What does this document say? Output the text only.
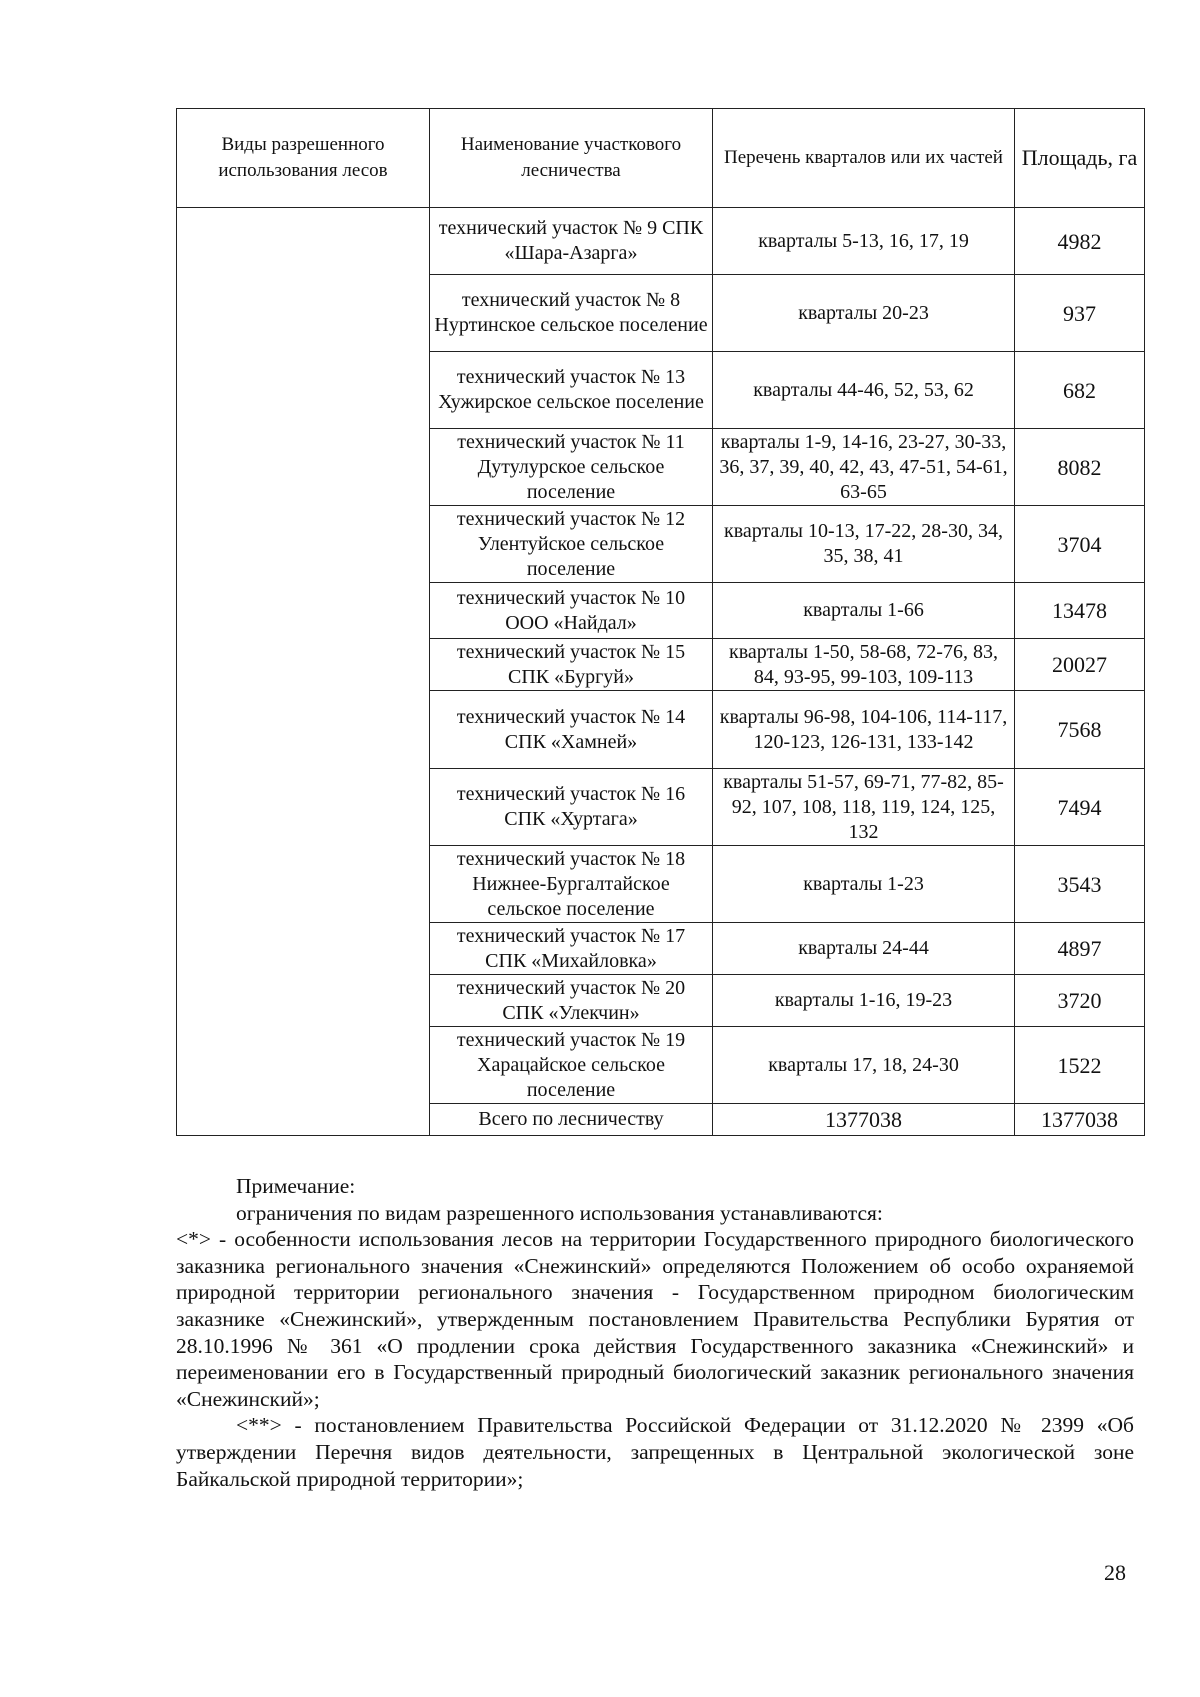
Виды разрешенного использования лесов	Наименование участкового лесничества	Перечень кварталов или их частей	Площадь, га
	технический участок № 9 СПК «Шара-Азарга»	кварталы 5-13, 16, 17, 19	4982
	технический участок № 8 Нуртинское сельское поселение	кварталы 20-23	937
	технический участок № 13 Хужирское сельское поселение	кварталы 44-46, 52, 53, 62	682
	технический участок № 11 Дутулурское сельское поселение	кварталы 1-9, 14-16, 23-27, 30-33, 36, 37, 39, 40, 42, 43, 47-51, 54-61, 63-65	8082
	технический участок № 12 Улентуйское сельское поселение	кварталы 10-13, 17-22, 28-30, 34, 35, 38, 41	3704
	технический участок № 10 ООО «Найдал»	кварталы 1-66	13478
	технический участок № 15 СПК «Бургуй»	кварталы 1-50, 58-68, 72-76, 83, 84, 93-95, 99-103, 109-113	20027
	технический участок № 14 СПК «Хамней»	кварталы 96-98, 104-106, 114-117, 120-123, 126-131, 133-142	7568
	технический участок № 16 СПК «Хуртага»	кварталы 51-57, 69-71, 77-82, 85-92, 107, 108, 118, 119, 124, 125, 132	7494
	технический участок № 18 Нижнее-Бургалтайское сельское поселение	кварталы 1-23	3543
	технический участок № 17 СПК «Михайловка»	кварталы 24-44	4897
	технический участок № 20 СПК «Улекчин»	кварталы 1-16, 19-23	3720
	технический участок № 19 Харацайское сельское поселение	кварталы 17, 18, 24-30	1522
	Всего по лесничеству	1377038	1377038

Примечание:

ограничения по видам разрешенного использования устанавливаются:

<*> - особенности использования лесов на территории Государственного природного биологического заказника регионального значения «Снежинский» определяются Положением об особо охраняемой природной территории регионального значения - Государственном природном биологическим заказнике «Снежинский», утвержденным постановлением Правительства Республики Бурятия от 28.10.1996 № 361 «О продлении срока действия Государственного заказника «Снежинский» и переименовании его в Государственный природный биологический заказник регионального значения «Снежинский»;

<**> - постановлением Правительства Российской Федерации от 31.12.2020 № 2399 «Об утверждении Перечня видов деятельности, запрещенных в Центральной экологической зоне Байкальской природной территории»;

28
